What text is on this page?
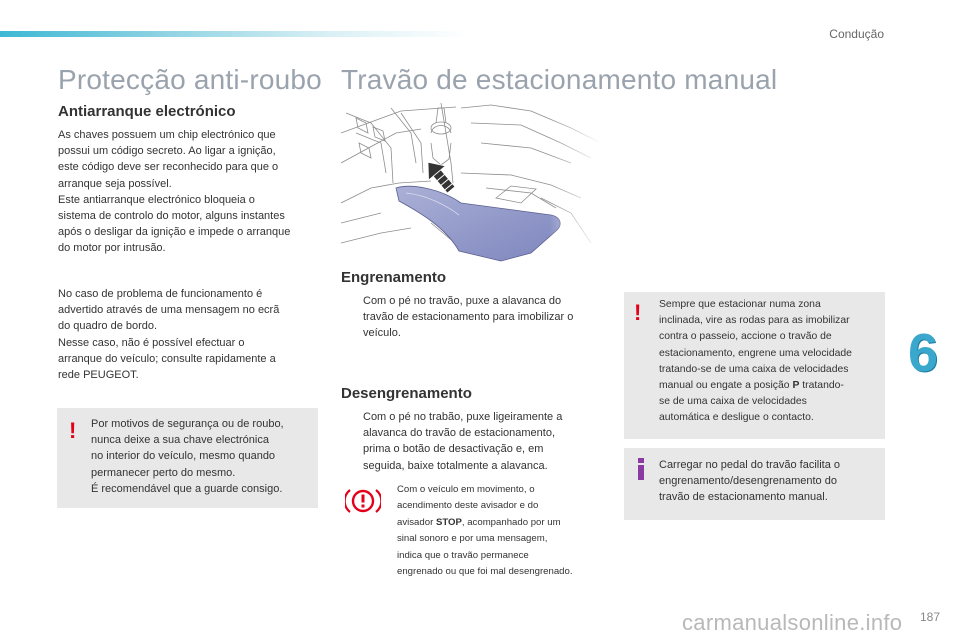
Condução
Protecção anti-roubo
Antiarranque electrónico
As chaves possuem um chip electrónico que
possui um código secreto. Ao ligar a ignição,
este código deve ser reconhecido para que o
arranque seja possível.
Este antiarranque electrónico bloqueia o
sistema de controlo do motor, alguns instantes
após o desligar da ignição e impede o arranque
do motor por intrusão.
No caso de problema de funcionamento é
advertido através de uma mensagem no ecrã
do quadro de bordo.
Nesse caso, não é possível efectuar o
arranque do veículo; consulte rapidamente a
rede PEUGEOT.
! Por motivos de segurança ou de roubo,
nunca deixe a sua chave electrónica
no interior do veículo, mesmo quando
permanecer perto do mesmo.
É recomendável que a guarde consigo.
Travão de estacionamento manual
Engrenamento
Com o pé no travão, puxe a alavanca do
travão de estacionamento para imobilizar o
veículo.
Desengrenamento
Com o pé no trabão, puxe ligeiramente a
alavanca do travão de estacionamento,
prima o botão de desactivação e, em
seguida, baixe totalmente a alavanca.
Com o veículo em movimento, o
acendimento deste avisador e do
avisador STOP, acompanhado por um
sinal sonoro e por uma mensagem,
indica que o travão permanece
engrenado ou que foi mal desengrenado.
! Sempre que estacionar numa zona
inclinada, vire as rodas para as imobilizar
contra o passeio, accione o travão de
estacionamento, engrene uma velocidade
tratando-se de uma caixa de velocidades
manual ou engate a posição P tratando-
se de uma caixa de velocidades
automática e desligue o contacto.
Carregar no pedal do travão facilita o
engrenamento/desengrenamento do
travão de estacionamento manual.
6
carmanualsonline.info 187
